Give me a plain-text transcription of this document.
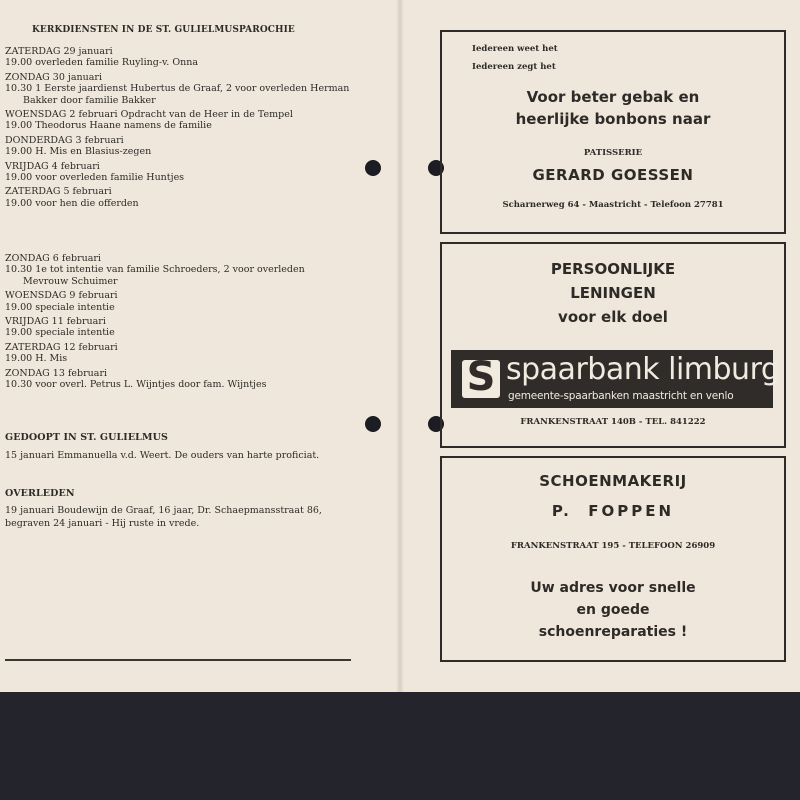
KERKDIENSTEN IN DE ST. GULIELMUSPAROCHIE
ZATERDAG 29 januari
19.00 overleden familie Ruyling-v. Onna
ZONDAG 30 januari
10.30 1 Eerste jaardienst Hubertus de Graaf, 2 voor overleden Herman Bakker door familie Bakker
WOENSDAG 2 februari Opdracht van de Heer in de Tempel
19.00 Theodorus Haane namens de familie
DONDERDAG 3 februari
19.00 H. Mis en Blasius-zegen
VRIJDAG 4 februari
19.00 voor overleden familie Huntjes
ZATERDAG 5 februari
19.00 voor hen die offerden
ZONDAG 6 februari
10.30 1e tot intentie van familie Schroeders, 2 voor overleden Mevrouw Schuimer
WOENSDAG 9 februari
19.00 speciale intentie
VRIJDAG 11 februari
19.00 speciale intentie
ZATERDAG 12 februari
19.00 H. Mis
ZONDAG 13 februari
10.30 voor overl. Petrus L. Wijntjes door fam. Wijntjes
GEDOOPT IN ST. GULIELMUS
15 januari Emmanuella v.d. Weert. De ouders van harte proficiat.
OVERLEDEN
19 januari Boudewijn de Graaf, 16 jaar, Dr. Schaepmansstraat 86, begraven 24 januari - Hij ruste in vrede.
Iedereen weet het
Iedereen zegt het
Voor beter gebak en
heerlijke bonbons naar
PATISSERIE
GERARD GOESSEN
Scharnerweg 64 - Maastricht - Telefoon 27781
PERSOONLIJKE
LENINGEN
voor elk doel
FRANKENSTRAAT 140B - TEL. 841222
S spaarbank limburg
gemeente-spaarbanken maastricht en venlo
SCHOENMAKERIJ
P.  FOPPEN
FRANKENSTRAAT 195 - TELEFOON 26909
Uw adres voor snelle
en goede
schoenreparaties !
